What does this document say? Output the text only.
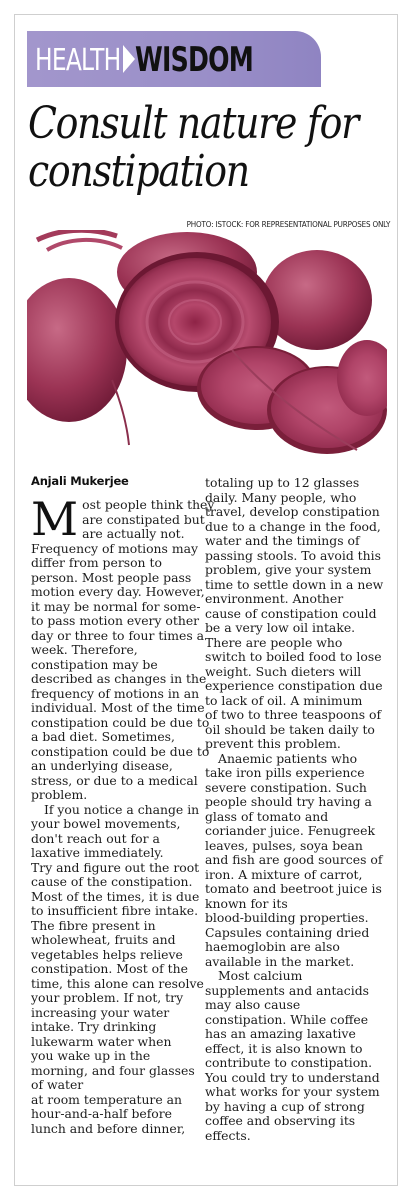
HEALTH WISDOM
Consult nature for
constipation
PHOTO: ISTOCK: FOR REPRESENTATIONAL PURPOSES ONLY
Anjali Mukerjee
M ost people think they
are constipated but
are actually not.
Frequency of motions may
differ from person to
person. Most people pass
motion every day. However,
it may be normal for some-
to pass motion every other
day or three to four times a
week. Therefore,
constipation may be
described as changes in the
frequency of motions in an
individual. Most of the time
constipation could be due to
a bad diet. Sometimes,
constipation could be due to
an underlying disease,
stress, or due to a medical
problem.
If you notice a change in
your bowel movements,
don't reach out for a
laxative immediately.
Try and figure out the root
cause of the constipation.
Most of the times, it is due
to insufficient fibre intake.
The fibre present in
wholewheat, fruits and
vegetables helps relieve
constipation. Most of the
time, this alone can resolve
your problem. If not, try
increasing your water
intake. Try drinking
lukewarm water when
you wake up in the
morning, and four glasses
of water
at room temperature an
hour-and-a-half before
lunch and before dinner,
totaling up to 12 glasses
daily. Many people, who
travel, develop constipation
due to a change in the food,
water and the timings of
passing stools. To avoid this
problem, give your system
time to settle down in a new
environment. Another
cause of constipation could
be a very low oil intake.
There are people who
switch to boiled food to lose
weight. Such dieters will
experience constipation due
to lack of oil. A minimum
of two to three teaspoons of
oil should be taken daily to
prevent this problem.
Anaemic patients who
take iron pills experience
severe constipation. Such
people should try having a
glass of tomato and
coriander juice. Fenugreek
leaves, pulses, soya bean
and fish are good sources of
iron. A mixture of carrot,
tomato and beetroot juice is
known for its
blood-building properties.
Capsules containing dried
haemoglobin are also
available in the market.
Most calcium
supplements and antacids
may also cause
constipation. While coffee
has an amazing laxative
effect, it is also known to
contribute to constipation.
You could try to understand
what works for your system
by having a cup of strong
coffee and observing its
effects.
